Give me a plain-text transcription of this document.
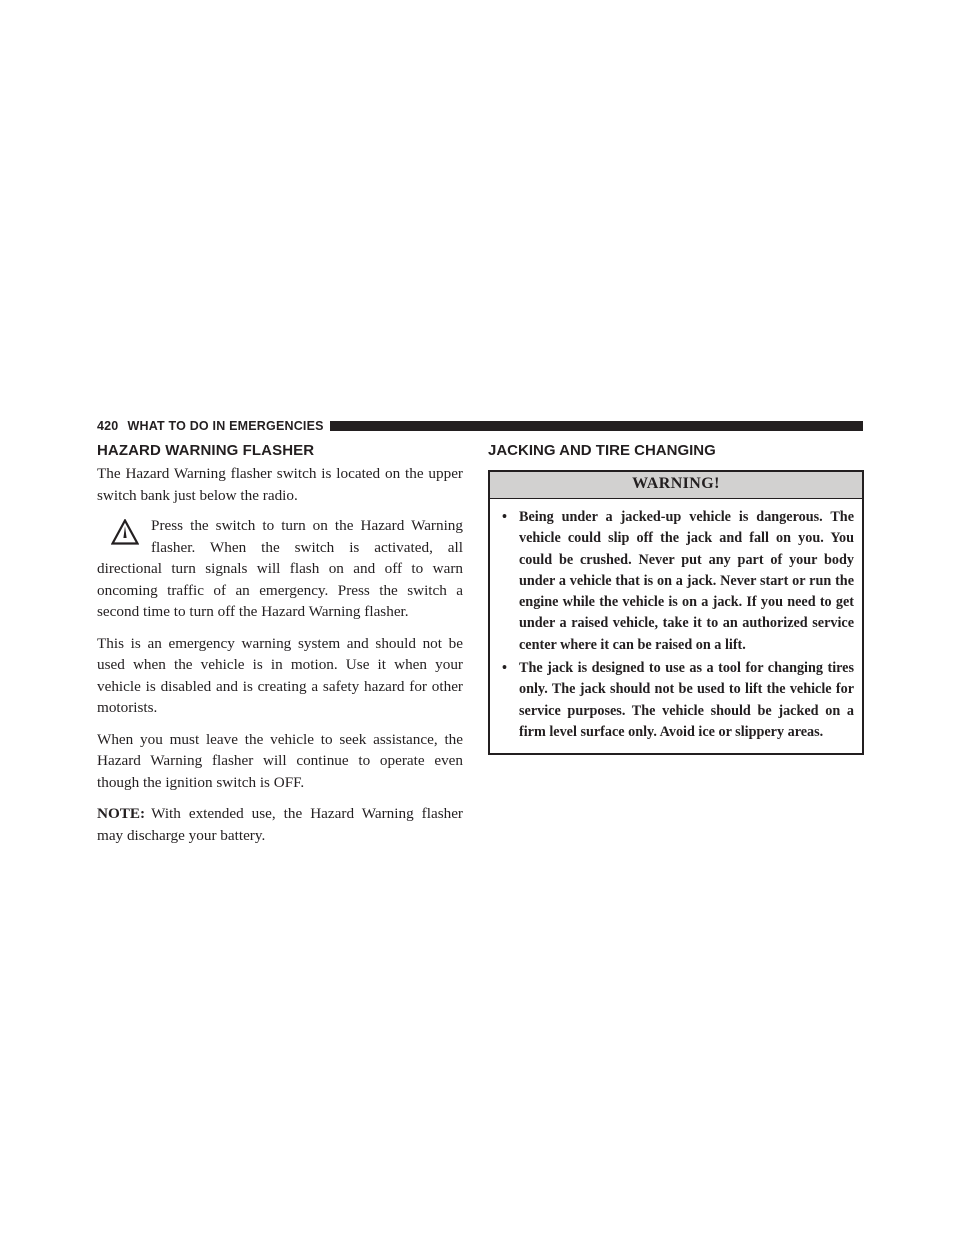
420 WHAT TO DO IN EMERGENCIES
HAZARD WARNING FLASHER

The Hazard Warning flasher switch is located on the upper switch bank just below the radio.

Press the switch to turn on the Hazard Warning flasher. When the switch is activated, all directional turn signals will flash on and off to warn oncoming traffic of an emergency. Press the switch a second time to turn off the Hazard Warning flasher.

This is an emergency warning system and should not be used when the vehicle is in motion. Use it when your vehicle is disabled and is creating a safety hazard for other motorists.

When you must leave the vehicle to seek assistance, the Hazard Warning flasher will continue to operate even though the ignition switch is OFF.

NOTE: With extended use, the Hazard Warning flasher may discharge your battery.

JACKING AND TIRE CHANGING
WARNING!
• Being under a jacked-up vehicle is dangerous. The vehicle could slip off the jack and fall on you. You could be crushed. Never put any part of your body under a vehicle that is on a jack. Never start or run the engine while the vehicle is on a jack. If you need to get under a raised vehicle, take it to an authorized service center where it can be raised on a lift.
• The jack is designed to use as a tool for changing tires only. The jack should not be used to lift the vehicle for service purposes. The vehicle should be jacked on a firm level surface only. Avoid ice or slippery areas.
